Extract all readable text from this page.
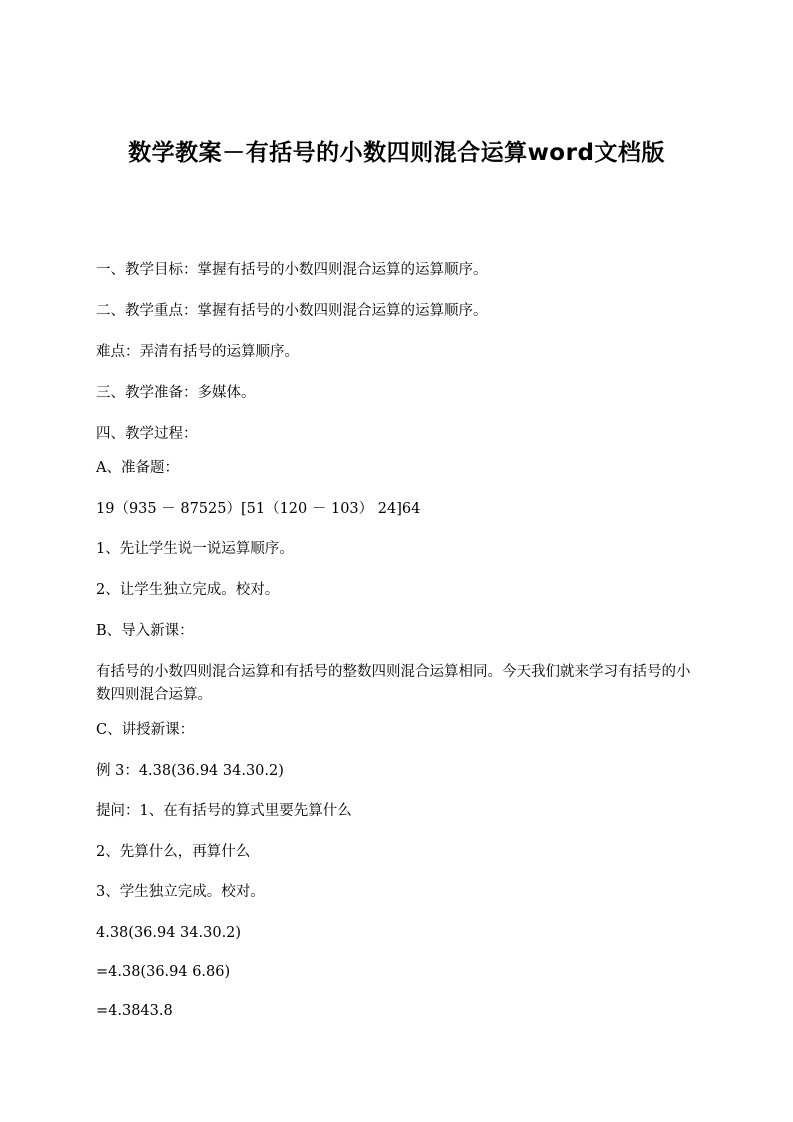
数学教案－有括号的小数四则混合运算word文档版

一、教学目标：掌握有括号的小数四则混合运算的运算顺序。

二、教学重点：掌握有括号的小数四则混合运算的运算顺序。

难点：弄清有括号的运算顺序。

三、教学准备：多媒体。

四、教学过程：

A、准备题：

19（935 － 87525）[51（120 － 103） 24]64

1、先让学生说一说运算顺序。

2、让学生独立完成。校对。

B、导入新课：

有括号的小数四则混合运算和有括号的整数四则混合运算相同。今天我们就来学习有括号的小数四则混合运算。

C、讲授新课：

例 3：4.38(36.94 34.30.2)

提问：1、在有括号的算式里要先算什么

2、先算什么，再算什么

3、学生独立完成。校对。

4.38(36.94 34.30.2)

=4.38(36.94 6.86)

=4.3843.8
